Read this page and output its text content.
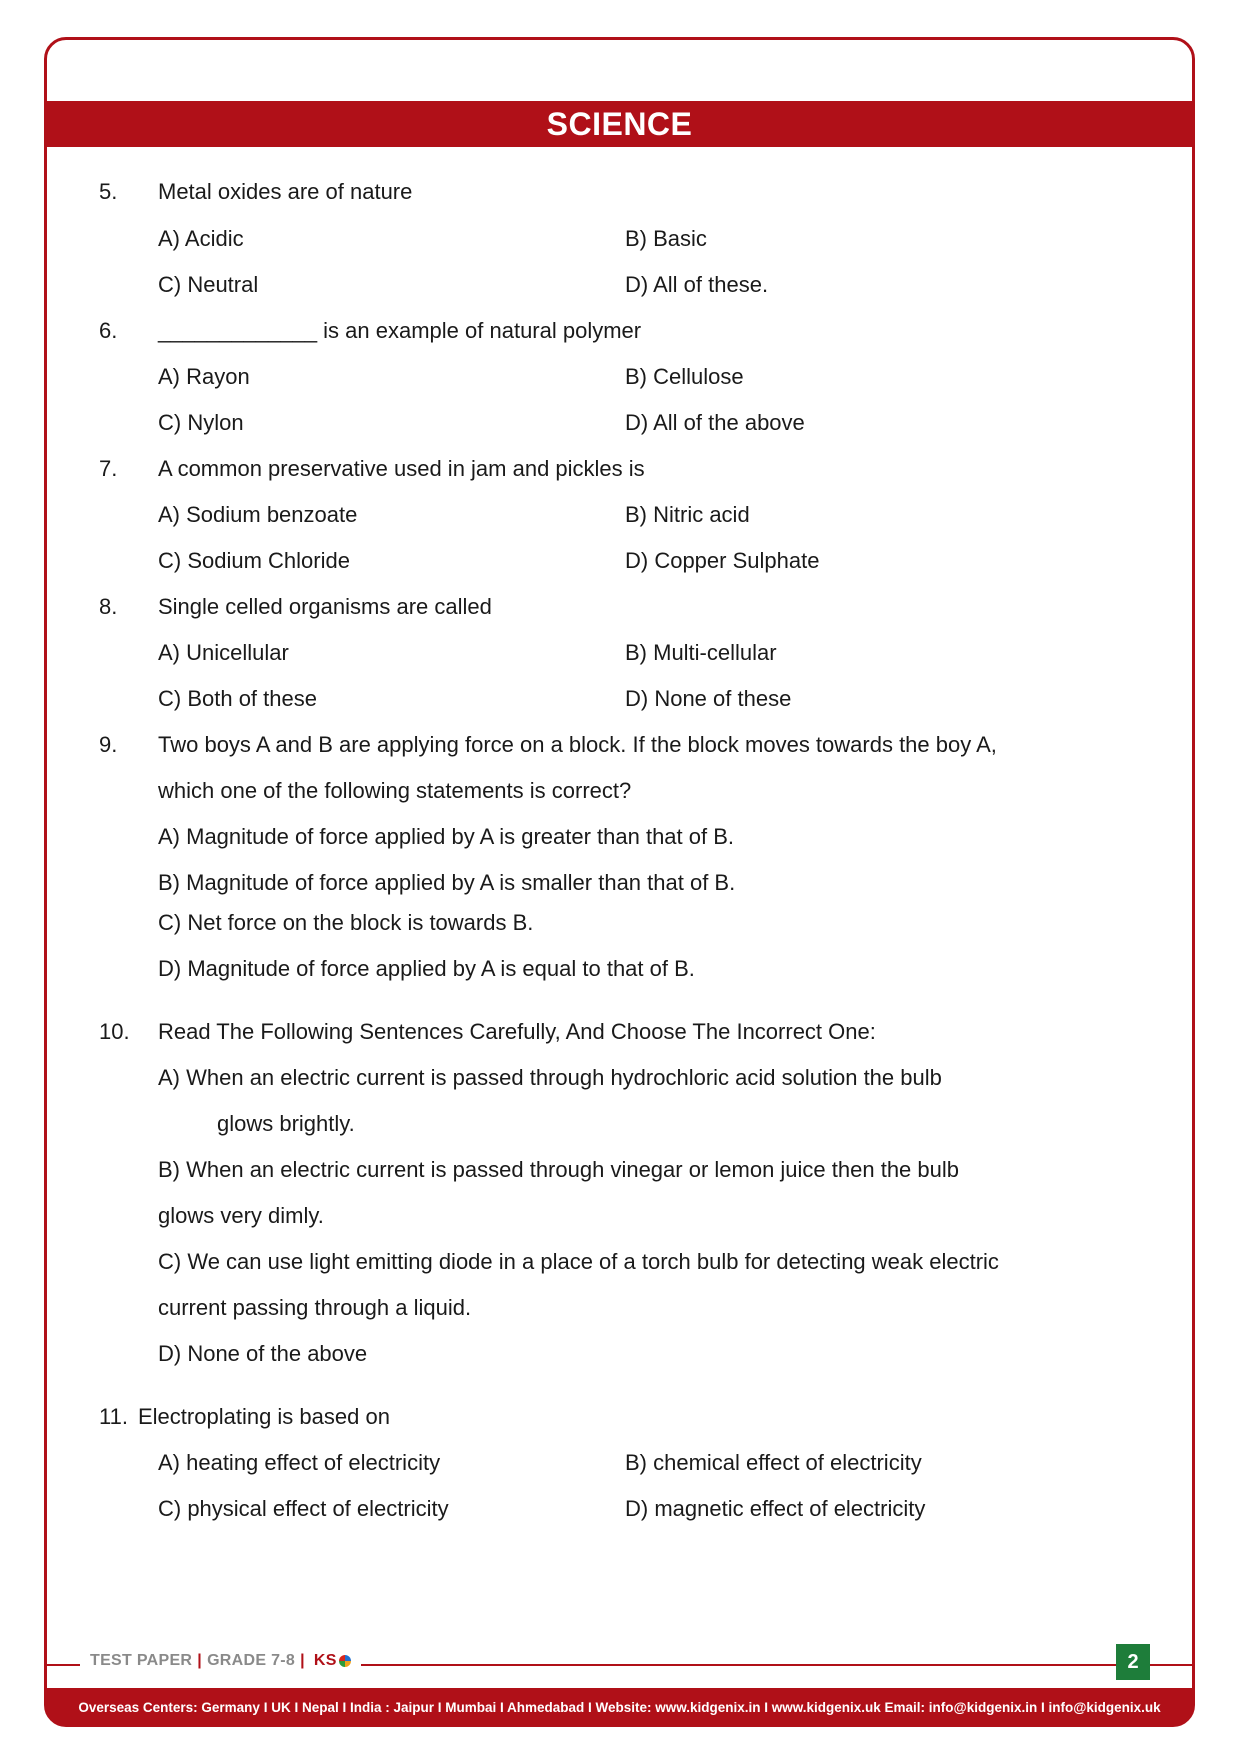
SCIENCE
5. Metal oxides are of nature
A) Acidic	B) Basic
C) Neutral	D) All of these.
6. _____________ is an example of natural polymer
A) Rayon	B) Cellulose
C) Nylon	D) All of the above
7. A common preservative used in jam and pickles is
A) Sodium benzoate	B) Nitric acid
C) Sodium Chloride	D) Copper Sulphate
8. Single celled organisms are called
A) Unicellular	B) Multi-cellular
C) Both of these	D) None of these
9. Two boys A and B are applying force on a block. If the block moves towards the boy A,
which one of the following statements is correct?
A) Magnitude of force applied by A is greater than that of B.
B) Magnitude of force applied by A is smaller than that of B.
C) Net force on the block is towards B.
D) Magnitude of force applied by A is equal to that of B.
10. Read The Following Sentences Carefully, And Choose The Incorrect One:
A) When an electric current is passed through hydrochloric acid solution the bulb
glows brightly.
B) When an electric current is passed through vinegar or lemon juice then the bulb
glows very dimly.
C) We can use light emitting diode in a place of a torch bulb for detecting weak electric
current passing through a liquid.
D) None of the above
11. Electroplating is based on
A) heating effect of electricity	B) chemical effect of electricity
C) physical effect of electricity	D) magnetic effect of electricity
TEST PAPER | GRADE 7-8 | KS	2
Overseas Centers: Germany I UK I Nepal I India : Jaipur I Mumbai I Ahmedabad I Website: www.kidgenix.in I www.kidgenix.uk Email: info@kidgenix.in I info@kidgenix.uk
